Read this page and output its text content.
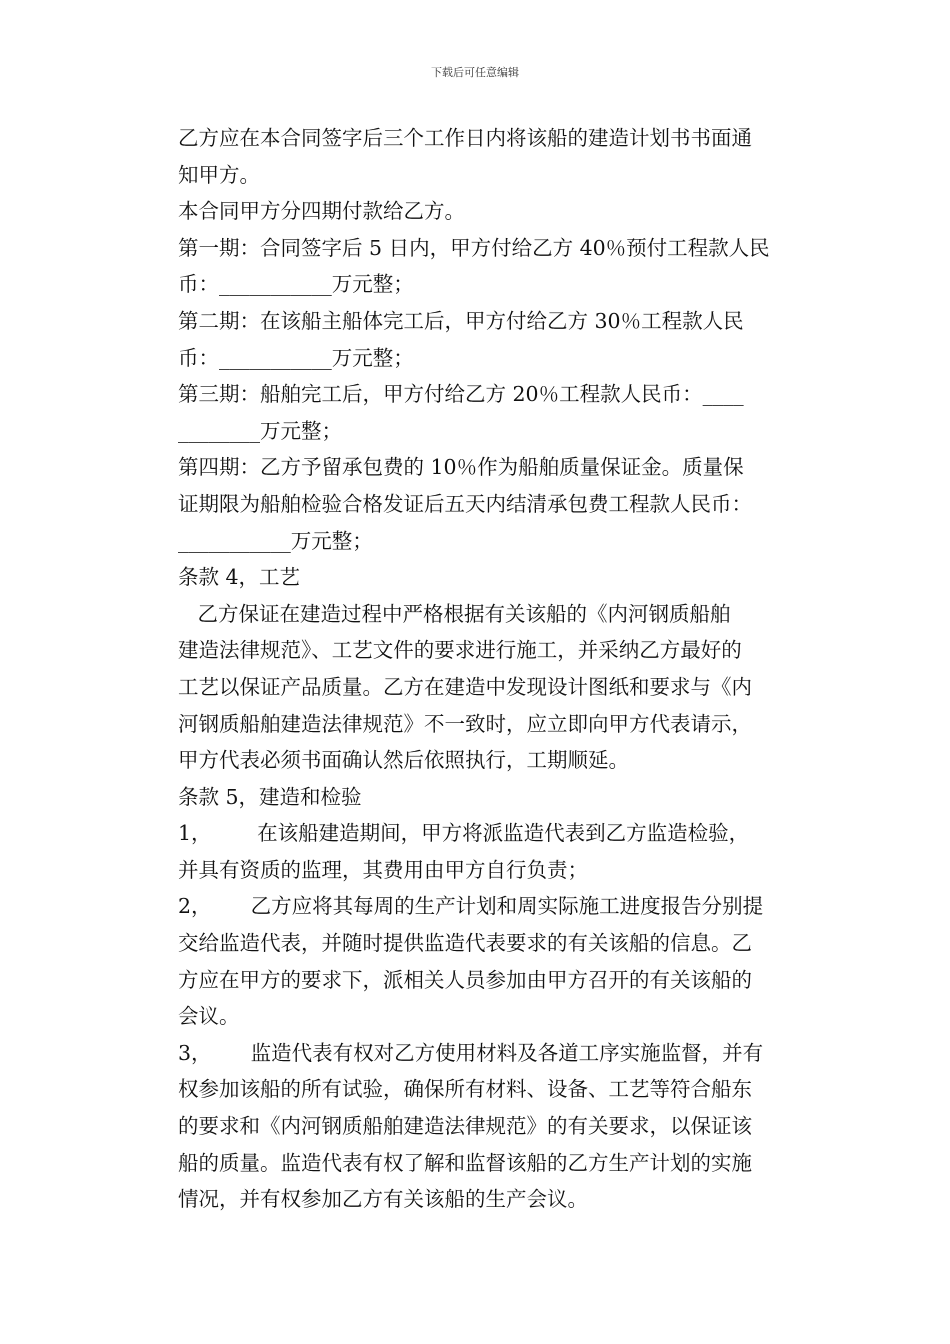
下载后可任意编辑
乙方应在本合同签字后三个工作日内将该船的建造计划书书面通
知甲方。
本合同甲方分四期付款给乙方。
第一期：合同签字后 5 日内，甲方付给乙方 40％预付工程款人民
币：___________万元整；
第二期：在该船主船体完工后，甲方付给乙方 30％工程款人民
币：___________万元整；
第三期：船舶完工后，甲方付给乙方 20％工程款人民币：____
________万元整；
第四期：乙方予留承包费的 10％作为船舶质量保证金。质量保
证期限为船舶检验合格发证后五天内结清承包费工程款人民币：
___________万元整；
条款 4，工艺
乙方保证在建造过程中严格根据有关该船的《内河钢质船舶
建造法律规范》、工艺文件的要求进行施工，并采纳乙方最好的
工艺以保证产品质量。乙方在建造中发现设计图纸和要求与《内
河钢质船舶建造法律规范》不一致时，应立即向甲方代表请示，
甲方代表必须书面确认然后依照执行，工期顺延。
条款 5，建造和检验
1，       在该船建造期间，甲方将派监造代表到乙方监造检验，
并具有资质的监理，其费用由甲方自行负责；
2，      乙方应将其每周的生产计划和周实际施工进度报告分别提
交给监造代表，并随时提供监造代表要求的有关该船的信息。乙
方应在甲方的要求下，派相关人员参加由甲方召开的有关该船的
会议。
3，      监造代表有权对乙方使用材料及各道工序实施监督，并有
权参加该船的所有试验，确保所有材料、设备、工艺等符合船东
的要求和《内河钢质船舶建造法律规范》的有关要求，以保证该
船的质量。监造代表有权了解和监督该船的乙方生产计划的实施
情况，并有权参加乙方有关该船的生产会议。
